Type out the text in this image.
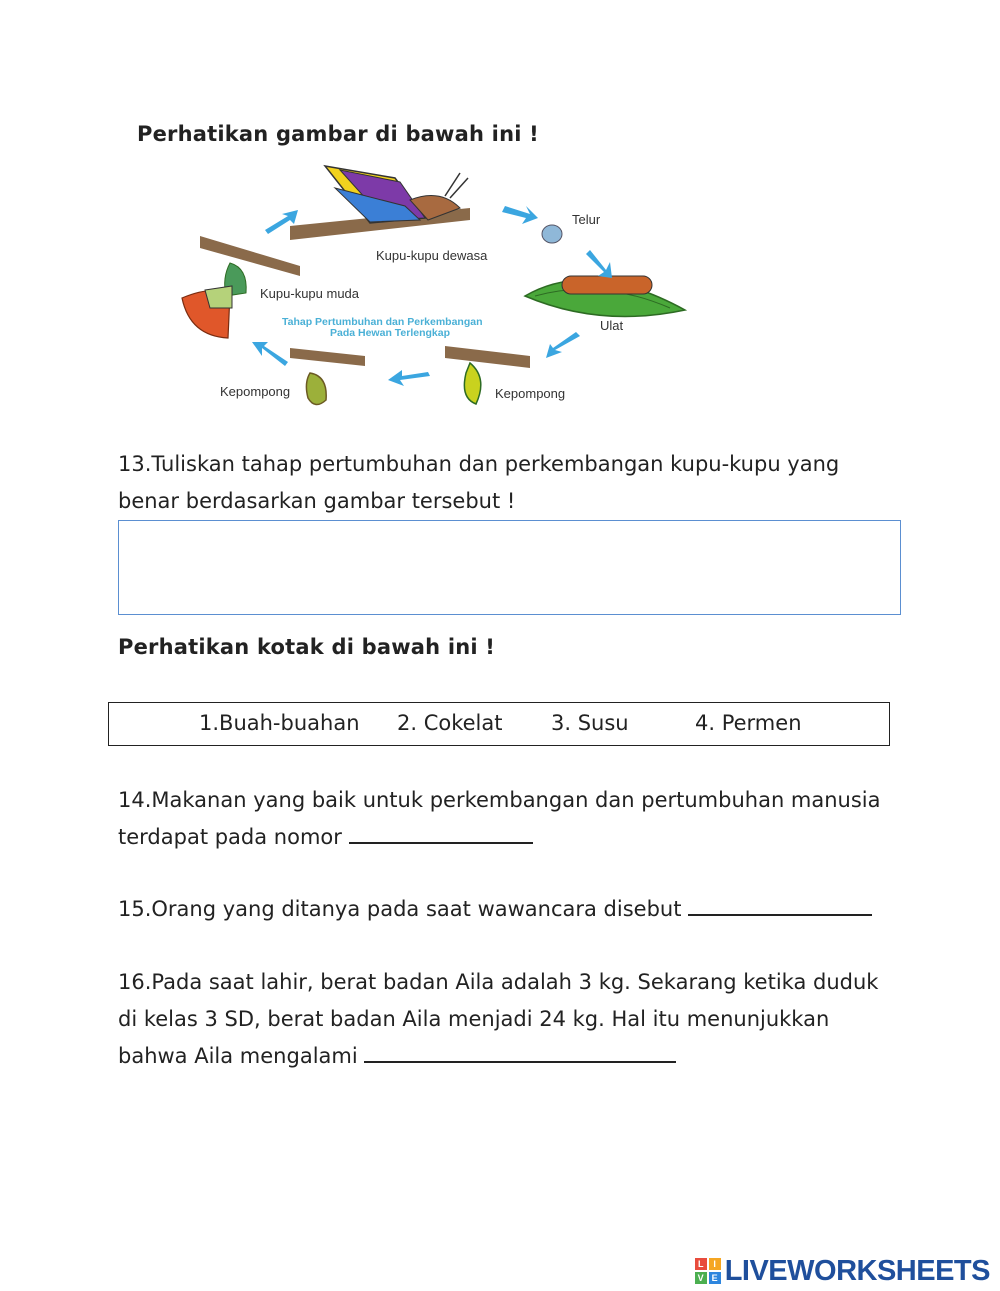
Perhatikan gambar di bawah ini !
Kupu-kupu dewasa
Telur
Ulat
Kepompong
Kepompong
Kupu-kupu muda
Tahap Pertumbuhan dan Perkembangan
Pada Hewan Terlengkap
13.Tuliskan tahap pertumbuhan dan perkembangan kupu-kupu yang
benar berdasarkan gambar tersebut !
Perhatikan kotak di bawah ini !
1.Buah-buahan 2. Cokelat 3. Susu	4. Permen
14.Makanan yang baik untuk perkembangan dan pertumbuhan manusia
terdapat pada nomor
15.Orang yang ditanya pada saat wawancara disebut
16.Pada saat lahir, berat badan Aila adalah 3 kg. Sekarang ketika duduk
di kelas 3 SD, berat badan Aila menjadi 24 kg. Hal itu menunjukkan
bahwa Aila mengalami
L	I
V E LIVEWORKSHEETS
